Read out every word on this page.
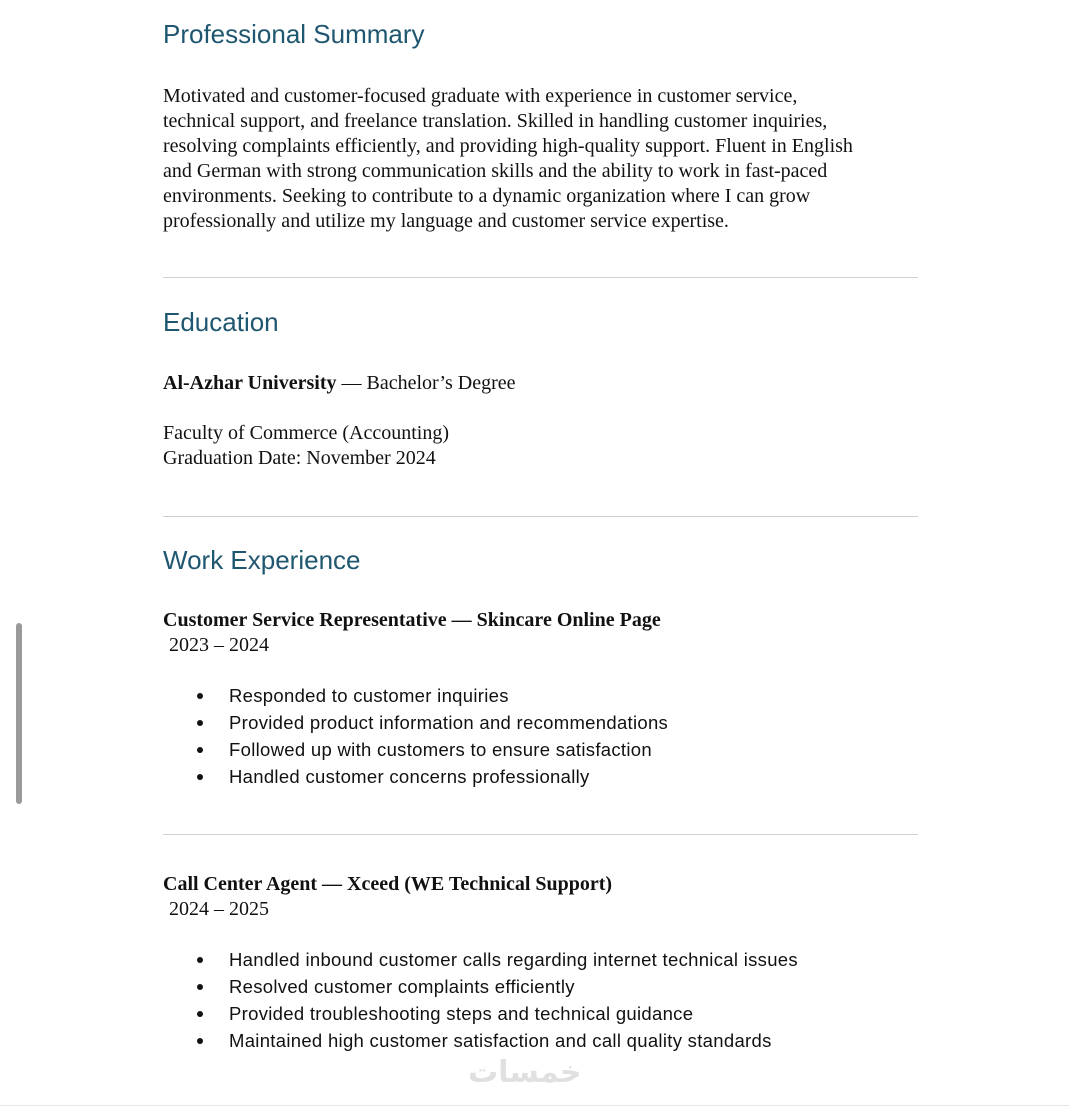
Professional Summary
Motivated and customer-focused graduate with experience in customer service,
technical support, and freelance translation. Skilled in handling customer inquiries,
resolving complaints efficiently, and providing high-quality support. Fluent in English
and German with strong communication skills and the ability to work in fast-paced
environments. Seeking to contribute to a dynamic organization where I can grow
professionally and utilize my language and customer service expertise.
Education
Al-Azhar University — Bachelor’s Degree
Faculty of Commerce (Accounting)
Graduation Date: November 2024
Work Experience
Customer Service Representative — Skincare Online Page
2023 – 2024
Responded to customer inquiries
Provided product information and recommendations
Followed up with customers to ensure satisfaction
Handled customer concerns professionally
Call Center Agent — Xceed (WE Technical Support)
2024 – 2025
Handled inbound customer calls regarding internet technical issues
Resolved customer complaints efficiently
Provided troubleshooting steps and technical guidance
Maintained high customer satisfaction and call quality standards
خمسات
